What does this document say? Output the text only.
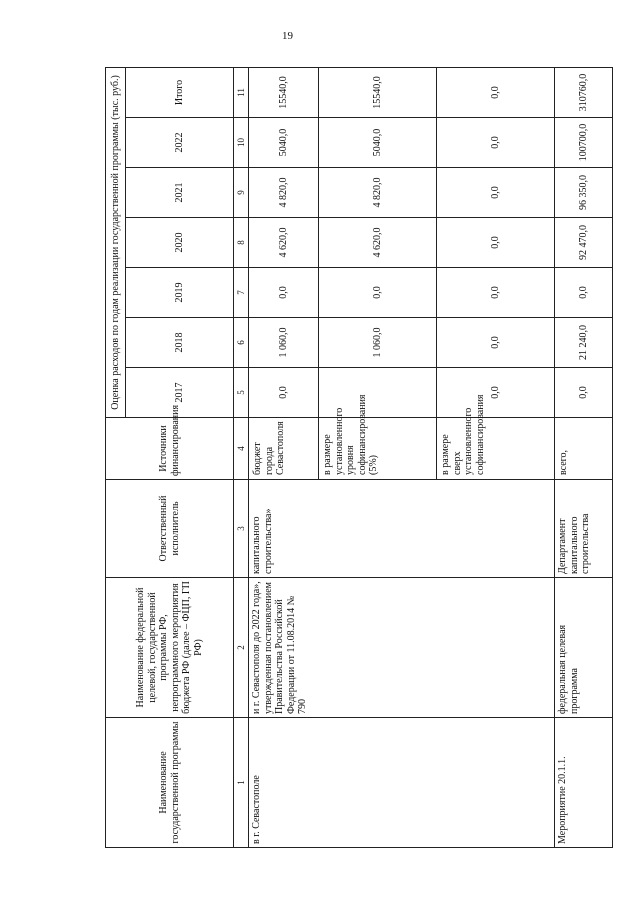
19
Наименование государственной программы	Наименование федеральной целевой, государственной программы РФ, непрограммного мероприятия бюджета РФ (далее – ФЦП, ГП РФ)	Ответственный исполнитель	Источники финансирования	Оценка расходов по годам реализации государственной программы (тыс. руб.)						
				2017	2018	2019	2020	2021	2022	Итого
1	2	3	4	5	6	7	8	9	10	11
в г. Севастополе	и г. Севастополя до 2022 года», утвержденная постановлением Правительства Российской Федерации от 11.08.2014 № 790	капитального строительства»	бюджет города Севастополя	0,0	1 060,0	0,0	4 620,0	4 820,0	5040,0	15540,0
			в размере установленного уровня софинансирования (5%)		1 060,0	0,0	4 620,0	4 820,0	5040,0	15540,0
			в размере сверх установленного софинансирования	0,0	0,0	0,0	0,0	0,0	0,0	0,0
Мероприятие 20.1.1.	федеральная целевая программа	Департамент капитального строительства	всего,	0,0	21 240,0	0,0	92 470,0	96 350,0	100700,0	310760,0
